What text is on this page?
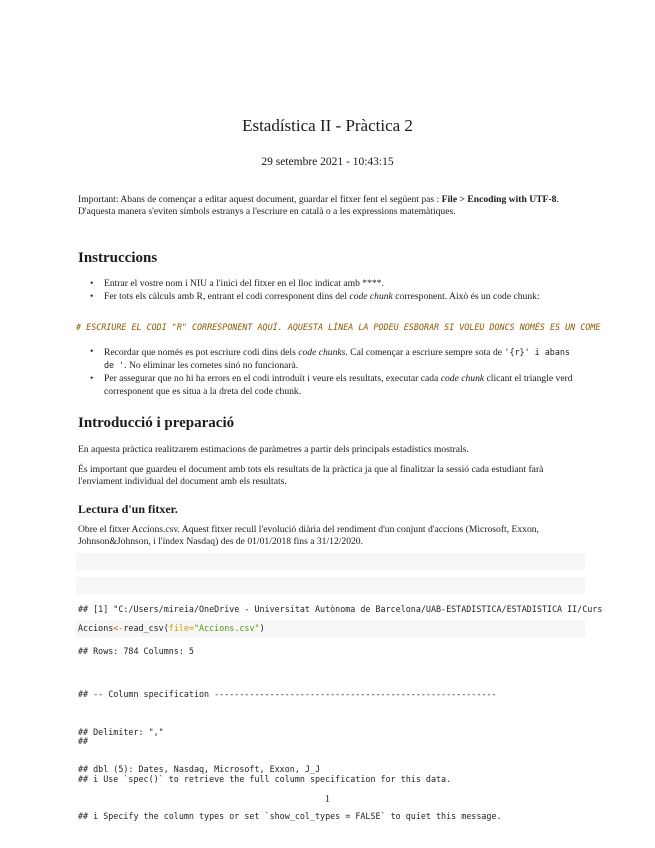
Estadística II - Pràctica 2
29 setembre 2021 - 10:43:15
Important: Abans de començar a editar aquest document, guardar el fitxer fent el següent pas : File > Encoding with UTF-8. D'aquesta manera s'eviten símbols estranys a l'escriure en català o a les expressions matemàtiques.
Instruccions
• Entrar el vostre nom i NIU a l'inici del fitxer en el lloc indicat amb ****.
• Fer tots els càlculs amb R, entrant el codi corresponent dins del code chunk corresponent. Això és un code chunk:
# ESCRIURE EL CODI "R" CORRESPONENT AQUÍ. AQUESTA LÍNEA LA PODEU ESBORAR SI VOLEU DONCS NOMÉS ES UN COME
• Recordar que només es pot escriure codi dins dels code chunks. Cal començar a escriure sempre sota de '{r}' i abans de '. No eliminar les cometes sinó no funcionarà.
• Per assegurar que no hi ha errors en el codi introduït i veure els resultats, executar cada code chunk clicant el triangle verd corresponent que es situa a la dreta del code chunk.
Introducció i preparació
En aquesta pràctica realitzarem estimacions de paràmetres a partir dels principals estadístics mostrals.
És important que guardeu el document amb tots els resultats de la pràctica ja que al finalitzar la sessió cada estudiant farà l'enviament individual del document amb els resultats.
Lectura d'un fitxer.
Obre el fitxer Accions.csv. Aquest fitxer recull l'evolució diària del rendiment d'un conjunt d'accions (Microsoft, Exxon, Johnson&Johnson, i l'índex Nasdaq) des de 01/01/2018 fins a 31/12/2020.

## [1] "C:/Users/mireia/OneDrive - Universitat Autònoma de Barcelona/UAB-ESTADISTICA/ESTADISTICA II/Curs
Accions<-read_csv(file="Accions.csv")
## Rows: 784 Columns: 5

## -- Column specification --------------------------------------------------------

## Delimiter: ","

## dbl (5): Dates, Nasdaq, Microsoft, Exxon, J_J

##

## i Use `spec()` to retrieve the full column specification for this data.

## i Specify the column types or set `show_col_types = FALSE` to quiet this message.

1
